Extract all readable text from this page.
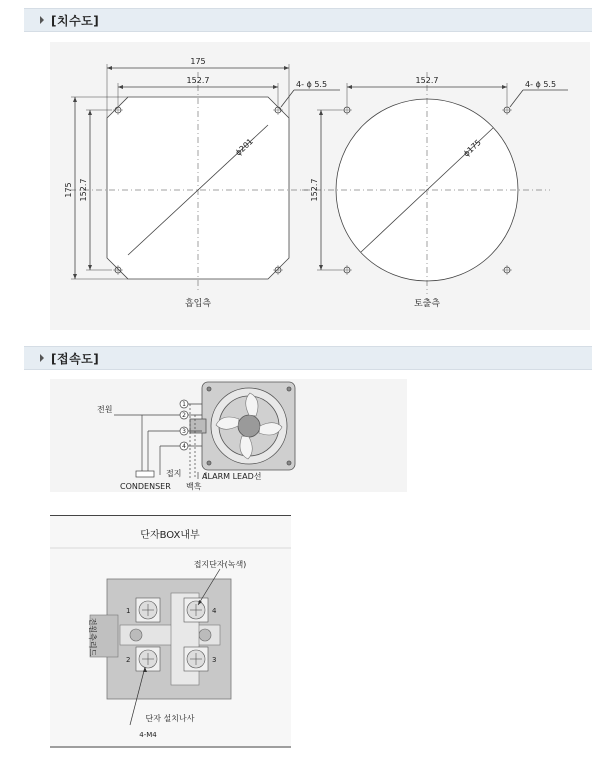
[치수도]
175
152.7	4- ϕ 5.5
175 152.7
ϕ201
흡입측
152.7	4- ϕ 5.5
152.7
ϕ175
토출측
[접속도]
1
2
3
4
전원
접지
CONDENSER 백흑
ALARM LEAD선
단자BOX내부
접지단자(녹색)
전원측리드
단자 설치나사
4-M4
1	4
2	3
